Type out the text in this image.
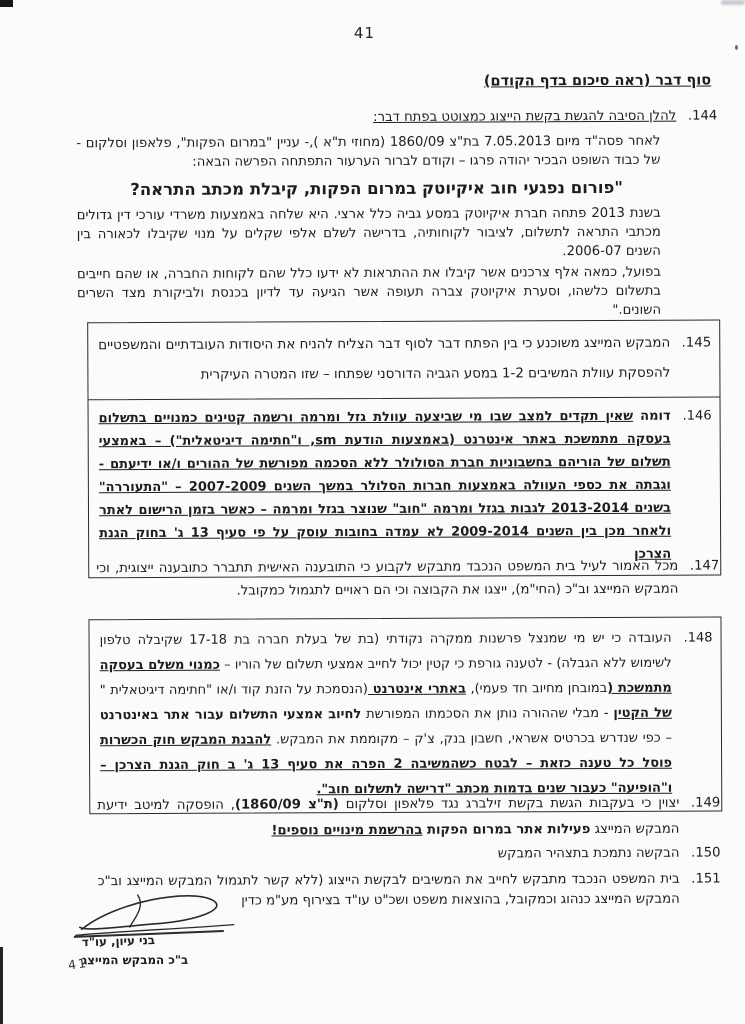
41
סוף דבר (ראה סיכום בדף הקודם)
144.
להלן הסיבה להגשת בקשת הייצוג כמצוטט בפתח דבר:
לאחר פסה"ד מיום 7.05.2013 בת"צ 1860/09 (מחוזי ת"א ),- עניין "במרום הפקות", פלאפון וסלקום - של כבוד השופט הבכיר יהודה פרגו – וקודם לברור הערעור התפתחה הפרשה הבאה:
"פורום נפגעי חוב איקיוטק במרום הפקות, קיבלת מכתב התראה?
בשנת 2013 פתחה חברת איקיוטק במסע גביה כלל ארצי. היא שלחה באמצעות משרדי עורכי דין גדולים מכתבי התראה לתשלום, לציבור לקוחותיה, בדרישה לשלם אלפי שקלים על מנוי שקיבלו לכאורה בין השנים 2006-07.
בפועל, כמאה אלף צרכנים אשר קיבלו את ההתראות לא ידעו כלל שהם לקוחות החברה, או שהם חייבים בתשלום כלשהו, וסערת איקיוטק צברה תעופה אשר הגיעה עד לדיון בכנסת ולביקורת מצד השרים השונים."
145.
המבקש המייצג משוכנע כי בין הפתח דבר לסוף דבר הצליח להניח את היסודות העובדתיים והמשפטיים להפסקת עוולת המשיבים 1-2 במסע הגביה הדורסני שפתחו – שזו המטרה העיקרית
146.
דומה שאין תקדים למצב שבו מי שביצעה עוולת גזל ומרמה ורשמה קטינים כמנויים בתשלום בעסקה מתמשכת באתר אינטרנט (באמצעות הודעת sm, ו"חתימה דיגיטאלית") – באמצעי תשלום של הוריהם בחשבוניות חברת הסולולר ללא הסכמה מפורשת של ההורים ו/או ידיעתם - וגבתה את כספי העוולה באמצעות חברות הסלולר במשך השנים 2007-2009 – "התעוררה" בשנים 2013-2014 לגבות בגזל ומרמה "חוב" שנוצר בגזל ומרמה – כאשר בזמן הרישום לאתר ולאחר מכן בין השנים 2009-2014 לא עמדה בחובות עוסק על פי סעיף 13 ג' בחוק הגנת הצרכן
147.
מכל האמור לעיל בית המשפט הנכבד מתבקש לקבוע כי התובענה האישית תתברר כתובענה ייצוגית, וכי המבקש המייצג וב"כ (החי"מ), ייצגו את הקבוצה וכי הם ראויים לתגמול כמקובל.
148.
העובדה כי יש מי שמנצל פרשנות ממקרה נקודתי (בת של בעלת חברה בת 17-18 שקיבלה טלפון לשימוש ללא הגבלה) - לטענה גורפת כי קטין יכול לחייב אמצעי תשלום של הוריו – כמנוי משלם בעסקה מתמשכת (במובחן מחיוב חד פעמי), באתרי אינטרנט (הנסמכת על הזנת קוד ו/או "חתימה דיגיטאלית " של הקטין - מבלי שההורה נותן את הסכמתו המפורשת לחיוב אמצעי התשלום עבור אתר באינטרנט – כפי שנדרש בכרטיס אשראי, חשבון בנק, צ'ק – מקוממת את המבקש. להבנת המבקש חוק הכשרות פוסל כל טענה כזאת – לבטח כשהמשיבה 2 הפרה את סעיף 13 ג' ב חוק הגנת הצרכן – ו"הופיעה" כעבור שנים בדמות מכתב "דרישה לתשלום חוב".
149.
יצוין כי בעקבות הגשת בקשת זילברג נגד פלאפון וסלקום (ת"צ 1860/09), הופסקה למיטב ידיעת המבקש המייצג פעילות אתר במרום הפקות בהרשמת מינויים נוספים!
150.
הבקשה נתמכת בתצהיר המבקש
151.
בית המשפט הנכבד מתבקש לחייב את המשיבים לבקשת הייצוג (ללא קשר לתגמול המבקש המייצג וב"כ המבקש המייצג כנהוג וכמקובל, בהוצאות משפט ושכ"ט עו"ד בצירוף מע"מ כדין
בני עיון, עו"ד
ב"כ המבקש המייצג
41
